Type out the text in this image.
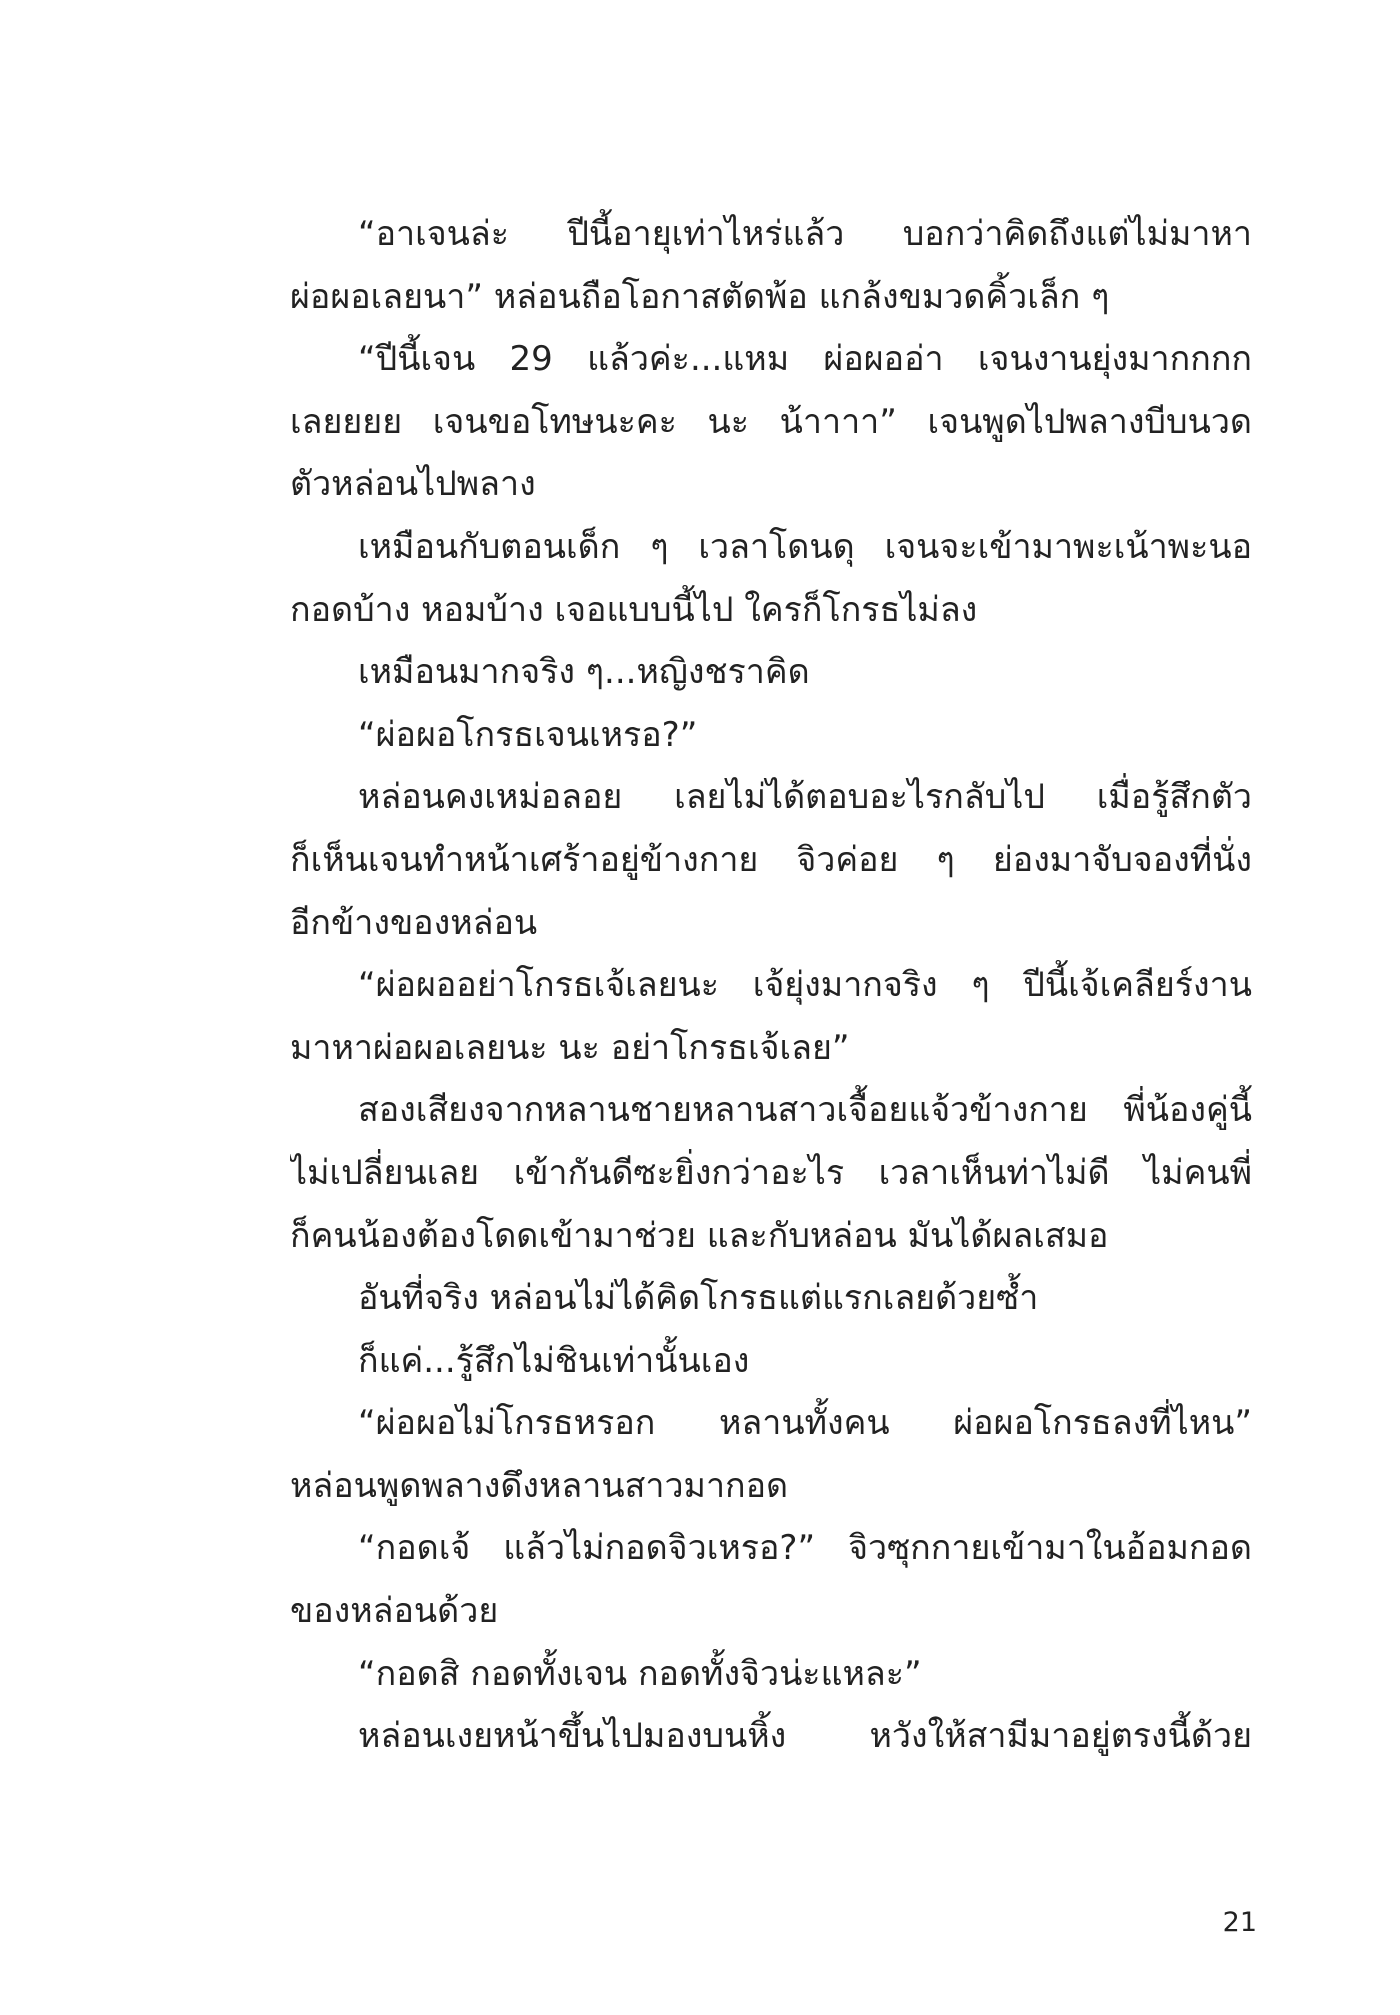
“อาเจนล่ะ ปีนี้อายุเท่าไหร่แล้ว บอกว่าคิดถึงแต่ไม่มาหา
ผ่อผอเลยนา” หล่อนถือโอกาสตัดพ้อ แกล้งขมวดคิ้วเล็ก ๆ
“ปีนี้เจน 29 แล้วค่ะ...แหม ผ่อผออ่า เจนงานยุ่งมากกกก
เลยยยย เจนขอโทษนะคะ นะ น้าาาา” เจนพูดไปพลางบีบนวด
ตัวหล่อนไปพลาง
เหมือนกับตอนเด็ก ๆ เวลาโดนดุ เจนจะเข้ามาพะเน้าพะนอ
กอดบ้าง หอมบ้าง เจอแบบนี้ไป ใครก็โกรธไม่ลง
เหมือนมากจริง ๆ...หญิงชราคิด
“ผ่อผอโกรธเจนเหรอ?”
หล่อนคงเหม่อลอย เลยไม่ได้ตอบอะไรกลับไป เมื่อรู้สึกตัว
ก็เห็นเจนทำหน้าเศร้าอยู่ข้างกาย จิวค่อย ๆ ย่องมาจับจองที่นั่ง
อีกข้างของหล่อน
“ผ่อผออย่าโกรธเจ้เลยนะ เจ้ยุ่งมากจริง ๆ ปีนี้เจ้เคลียร์งาน
มาหาผ่อผอเลยนะ นะ อย่าโกรธเจ้เลย”
สองเสียงจากหลานชายหลานสาวเจื้อยแจ้วข้างกาย พี่น้องคู่นี้
ไม่เปลี่ยนเลย เข้ากันดีซะยิ่งกว่าอะไร เวลาเห็นท่าไม่ดี ไม่คนพี่
ก็คนน้องต้องโดดเข้ามาช่วย และกับหล่อน มันได้ผลเสมอ
อันที่จริง หล่อนไม่ได้คิดโกรธแต่แรกเลยด้วยซ้ำ
ก็แค่...รู้สึกไม่ชินเท่านั้นเอง
“ผ่อผอไม่โกรธหรอก หลานทั้งคน ผ่อผอโกรธลงที่ไหน”
หล่อนพูดพลางดึงหลานสาวมากอด
“กอดเจ้ แล้วไม่กอดจิวเหรอ?” จิวซุกกายเข้ามาในอ้อมกอด
ของหล่อนด้วย
“กอดสิ กอดทั้งเจน กอดทั้งจิวน่ะแหละ”
หล่อนเงยหน้าขึ้นไปมองบนหิ้ง หวังให้สามีมาอยู่ตรงนี้ด้วย
21
